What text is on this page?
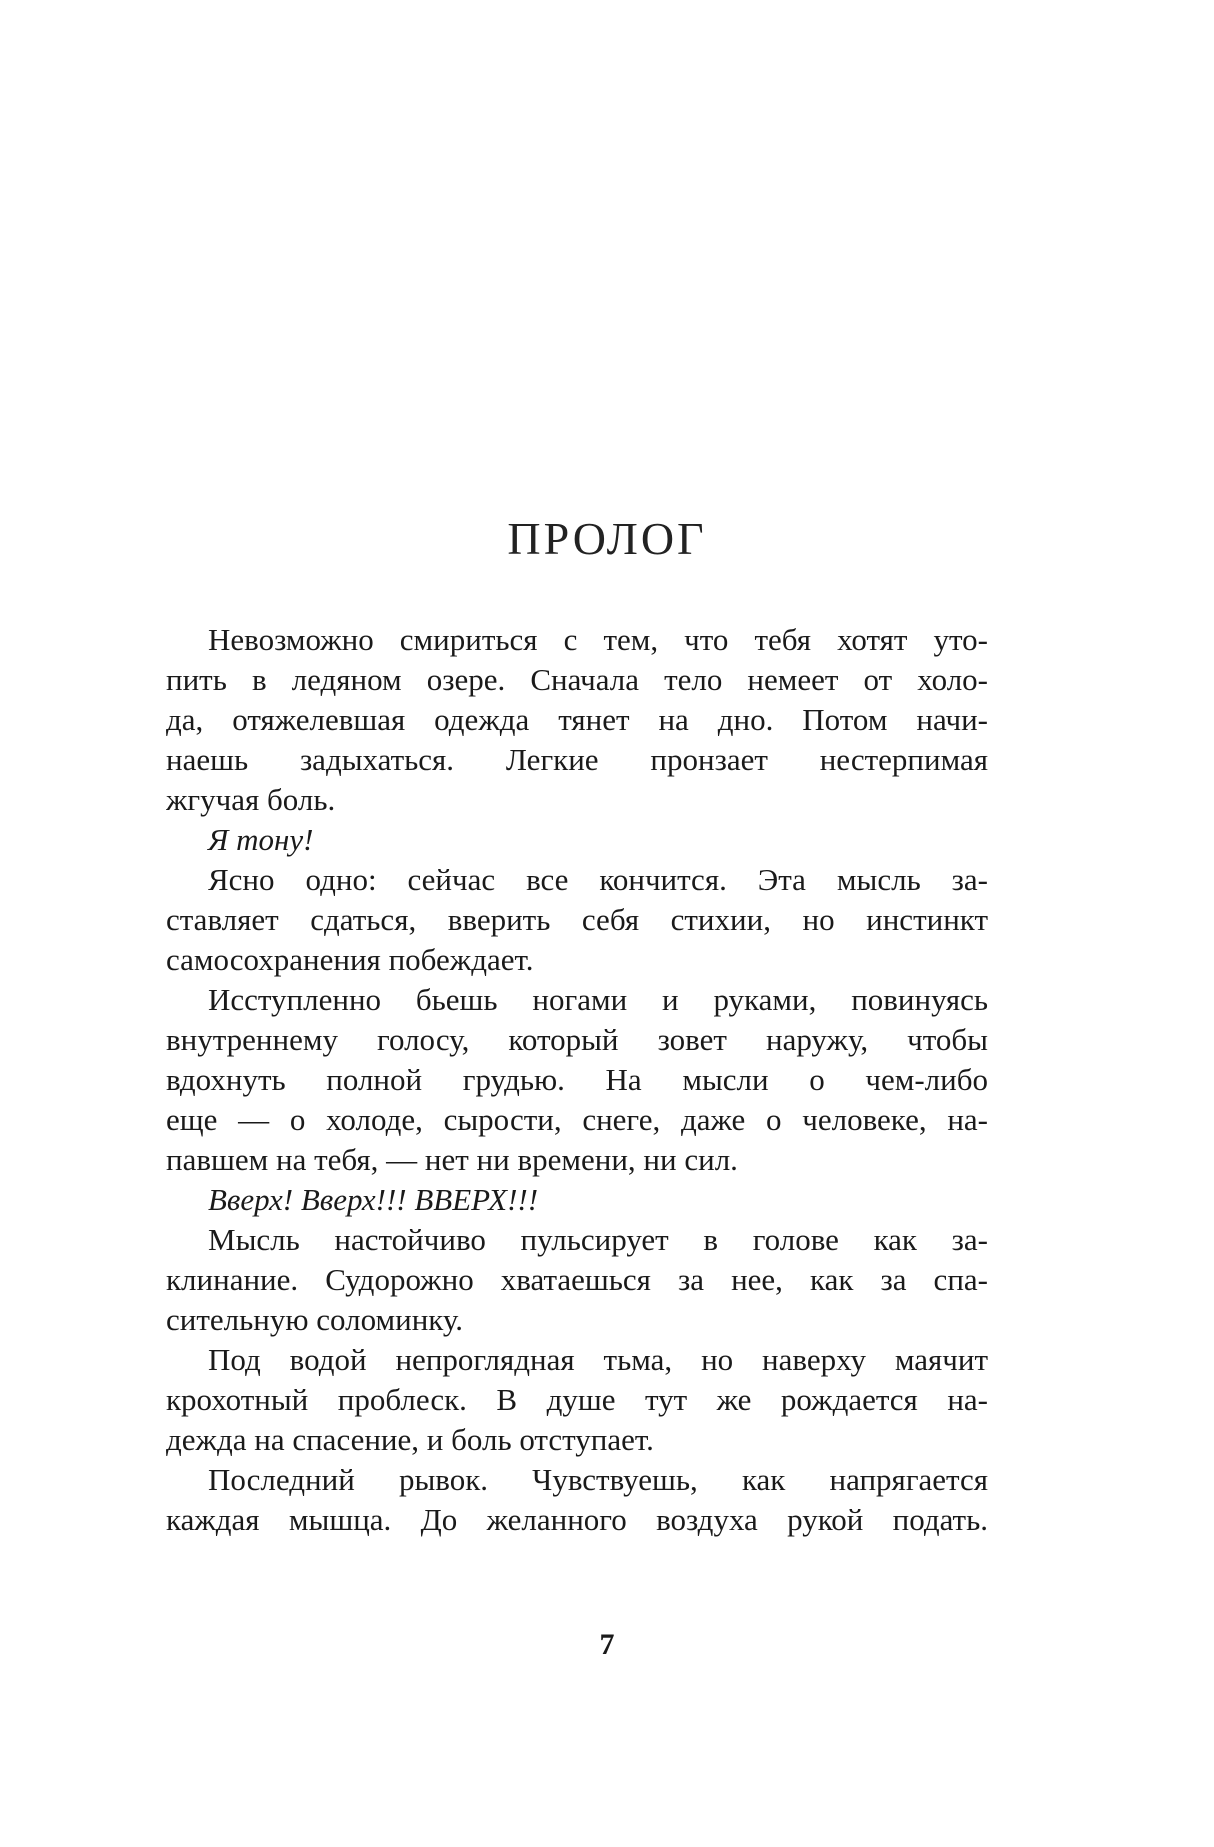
ПРОЛОГ
Невозможно смириться с тем, что тебя хотят уто-
пить в ледяном озере. Сначала тело немеет от холо-
да, отяжелевшая одежда тянет на дно. Потом начи-
наешь задыхаться. Легкие пронзает нестерпимая
жгучая боль.
Я тону!
Ясно одно: сейчас все кончится. Эта мысль за-
ставляет сдаться, вверить себя стихии, но инстинкт
самосохранения побеждает.
Исступленно бьешь ногами и руками, повинуясь
внутреннему голосу, который зовет наружу, чтобы
вдохнуть полной грудью. На мысли о чем-либо
еще — о холоде, сырости, снеге, даже о человеке, на-
павшем на тебя, — нет ни времени, ни сил.
Вверх! Вверх!!! ВВЕРХ!!!
Мысль настойчиво пульсирует в голове как за-
клинание. Судорожно хватаешься за нее, как за спа-
сительную соломинку.
Под водой непроглядная тьма, но наверху маячит
крохотный проблеск. В душе тут же рождается на-
дежда на спасение, и боль отступает.
Последний рывок. Чувствуешь, как напрягается
каждая мышца. До желанного воздуха рукой подать.

7
